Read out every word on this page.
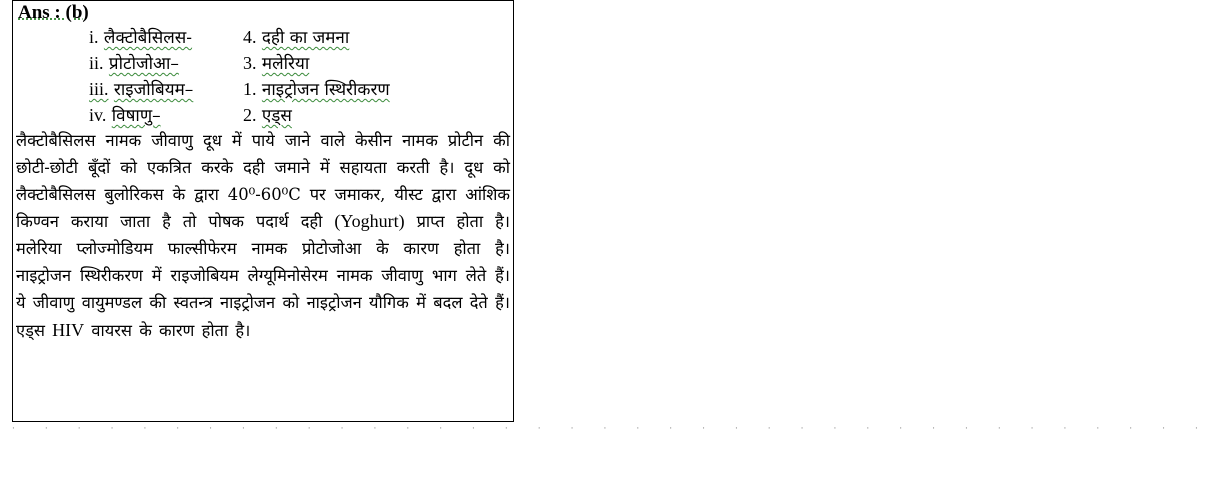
Ans : (b)
i. लैक्टोबैसिलस-	4. दही का जमना
ii. प्रोटोजोआ–	3. मलेरिया
iii. राइजोबियम–	1. नाइट्रोजन स्थिरीकरण
iv. विषाणु–	2. एड्स
लैक्टोबैसिलस नामक जीवाणु दूध में पाये जाने वाले केसीन नामक प्रोटीन की छोटी-छोटी बूँदों को एकत्रित करके दही जमाने में सहायता करती है। दूध को लैक्टोबैसिलस बुलोरिकस के द्वारा 40⁰-60⁰C पर जमाकर, यीस्ट द्वारा आंशिक किण्वन कराया जाता है तो पोषक पदार्थ दही (Yoghurt) प्राप्त होता है। मलेरिया प्लोज्मोडियम फाल्सीफेरम नामक प्रोटोजोआ के कारण होता है। नाइट्रोजन स्थिरीकरण में राइजोबियम लेग्यूमिनोसेरम नामक जीवाणु भाग लेते हैं। ये जीवाणु वायुमण्डल की स्वतन्त्र नाइट्रोजन को नाइट्रोजन यौगिक में बदल देते हैं। एड्स HIV वायरस के कारण होता है।
·····································
